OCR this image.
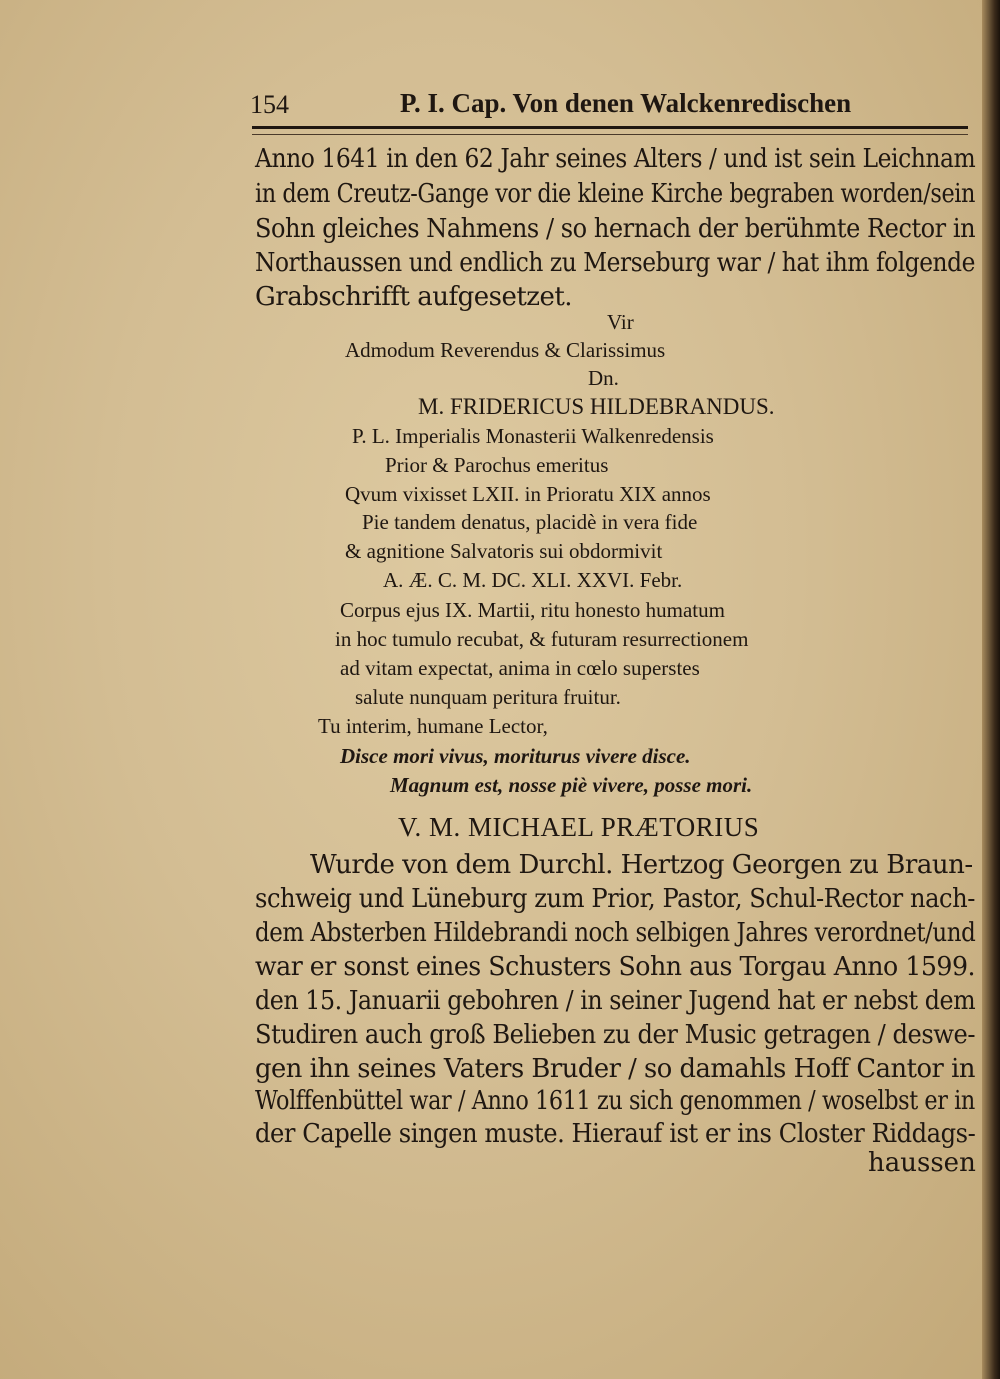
154	P. I. Cap. Von denen Walckenredischen
Anno 1641 in den 62 Jahr seines Alters / und ist sein Leichnam
in dem Creutz-Gange vor die kleine Kirche begraben worden/sein
Sohn gleiches Nahmens / so hernach der berühmte Rector in
Northaussen und endlich zu Merseburg war / hat ihm folgende
Grabschrifft aufgesetzet.
Vir
Admodum Reverendus & Clarissimus
Dn.
M. FRIDERICUS HILDEBRANDUS.
P. L. Imperialis Monasterii Walkenredensis
Prior & Parochus emeritus
Qvum vixisset LXII. in Prioratu XIX annos
Pie tandem denatus, placidè in vera fide
& agnitione Salvatoris sui obdormivit
A. Æ. C. M. DC. XLI. XXVI. Febr.
Corpus ejus IX. Martii, ritu honesto humatum
in hoc tumulo recubat, & futuram resurrectionem
ad vitam expectat, anima in cœlo superstes
salute nunquam peritura fruitur.
Tu interim, humane Lector,
Disce mori vivus, moriturus vivere disce.
Magnum est, nosse piè vivere, posse mori.
V. M. MICHAEL PRÆTORIUS
Wurde von dem Durchl. Hertzog Georgen zu Braun-
schweig und Lüneburg zum Prior, Pastor, Schul-Rector nach-
dem Absterben Hildebrandi noch selbigen Jahres verordnet/und
war er sonst eines Schusters Sohn aus Torgau Anno 1599.
den 15. Januarii gebohren / in seiner Jugend hat er nebst dem
Studiren auch groß Belieben zu der Music getragen / deswe-
gen ihn seines Vaters Bruder / so damahls Hoff Cantor in
Wolffenbüttel war / Anno 1611 zu sich genommen / woselbst er in
der Capelle singen muste. Hierauf ist er ins Closter Riddags-
haussen
